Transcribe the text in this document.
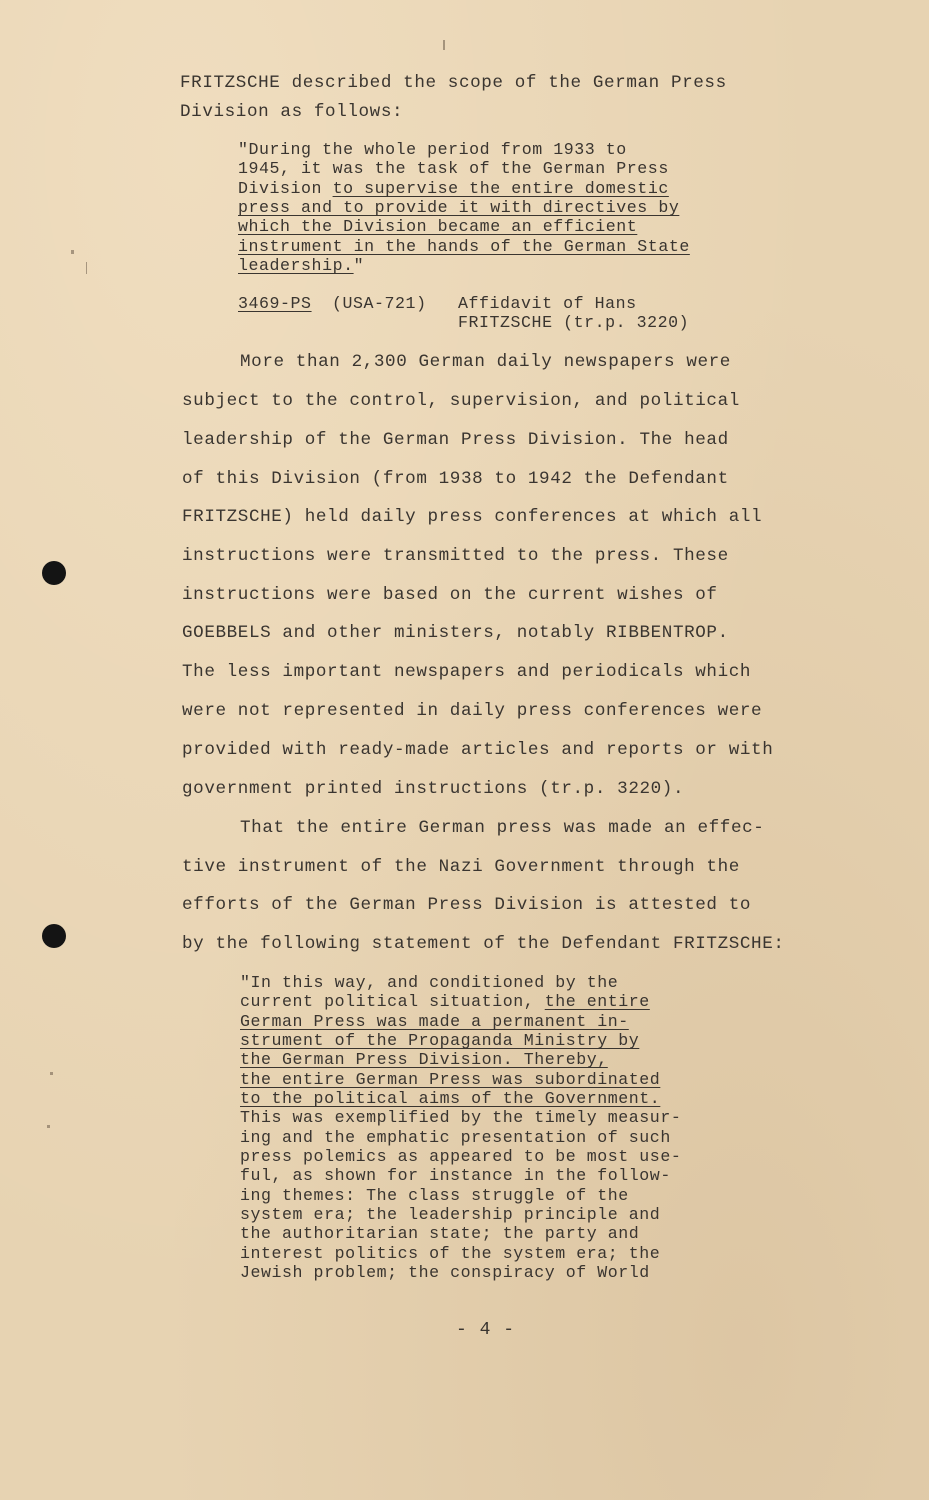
FRITZSCHE described the scope of the German Press
Division as follows:
"During the whole period from 1933 to
1945, it was the task of the German Press
Division to supervise the entire domestic
press and to provide it with directives by
which the Division became an efficient
instrument in the hands of the German State
leadership."
3469-PS (USA-721) Affidavit of Hans
FRITZSCHE (tr.p. 3220)
More than 2,300 German daily newspapers were
subject to the control, supervision, and political
leadership of the German Press Division. The head
of this Division (from 1938 to 1942 the Defendant
FRITZSCHE) held daily press conferences at which all
instructions were transmitted to the press. These
instructions were based on the current wishes of
GOEBBELS and other ministers, notably RIBBENTROP.
The less important newspapers and periodicals which
were not represented in daily press conferences were
provided with ready-made articles and reports or with
government printed instructions (tr.p. 3220).
That the entire German press was made an effec-
tive instrument of the Nazi Government through the
efforts of the German Press Division is attested to
by the following statement of the Defendant FRITZSCHE:
"In this way, and conditioned by the
current political situation, the entire
German Press was made a permanent in-
strument of the Propaganda Ministry by
the German Press Division. Thereby,
the entire German Press was subordinated
to the political aims of the Government.
This was exemplified by the timely measur-
ing and the emphatic presentation of such
press polemics as appeared to be most use-
ful, as shown for instance in the follow-
ing themes: The class struggle of the
system era; the leadership principle and
the authoritarian state; the party and
interest politics of the system era; the
Jewish problem; the conspiracy of World
- 4 -
